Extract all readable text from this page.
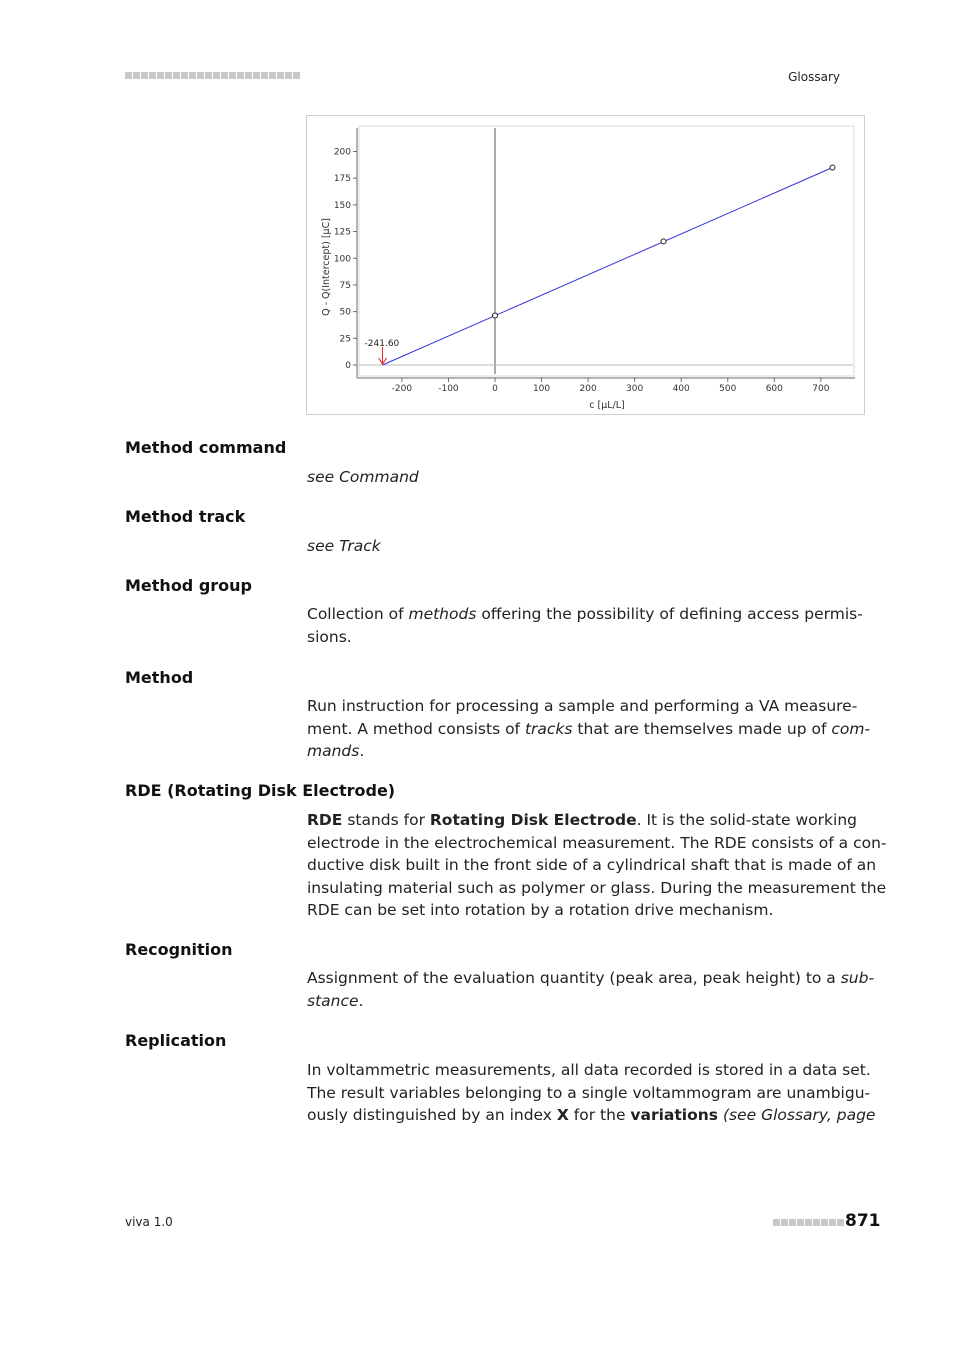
Glossary
0
25
50
75
100
125
150
175
200
-200	-100	0	100	200	300	400	500	600	700
-241.60
Q - Q(Intercept) [µC]
c [µL/L]
Method command
see Command
Method track
see Track
Method group
Collection of methods offering the possibility of defining access permis-
sions.
Method
Run instruction for processing a sample and performing a VA measure-
ment. A method consists of tracks that are themselves made up of com-
mands.
RDE (Rotating Disk Electrode)
RDE stands for Rotating Disk Electrode. It is the solid-state working
electrode in the electrochemical measurement. The RDE consists of a con-
ductive disk built in the front side of a cylindrical shaft that is made of an
insulating material such as polymer or glass. During the measurement the
RDE can be set into rotation by a rotation drive mechanism.
Recognition
Assignment of the evaluation quantity (peak area, peak height) to a sub-
stance.
Replication
In voltammetric measurements, all data recorded is stored in a data set.
The result variables belonging to a single voltammogram are unambigu-
ously distinguished by an index X for the variations (see Glossary, page
viva 1.0	871
